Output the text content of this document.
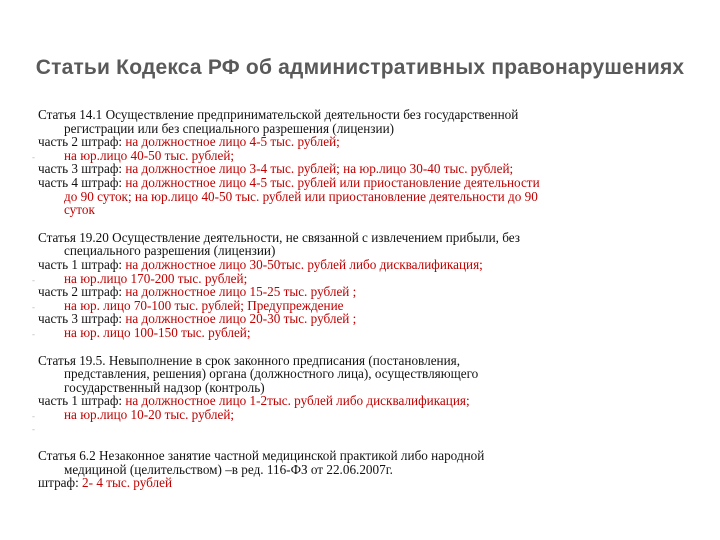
Статьи Кодекса РФ об административных правонарушениях
Статья 14.1 Осуществление предпринимательской деятельности без государственной
регистрации или без специального разрешения (лицензии)
часть 2 штраф: на должностное лицо 4-5 тыс. рублей;
- на юр.лицо 40-50 тыс. рублей;
часть 3 штраф: на должностное лицо 3-4 тыс. рублей; на юр.лицо 30-40 тыс. рублей;
часть 4 штраф: на должностное лицо 4-5 тыс. рублей или приостановление деятельности
до 90 суток; на юр.лицо 40-50 тыс. рублей или приостановление деятельности до 90
суток
Статья 19.20 Осуществление деятельности, не связанной с извлечением прибыли, без
специального разрешения (лицензии)
часть 1 штраф: на должностное лицо 30-50тыс. рублей либо дисквалификация;
- на юр.лицо 170-200 тыс. рублей;
часть 2 штраф: на должностное лицо 15-25 тыс. рублей ;
- на юр. лицо 70-100 тыс. рублей; Предупреждение
часть 3 штраф: на должностное лицо 20-30 тыс. рублей ;
- на юр. лицо 100-150 тыс. рублей;
Статья 19.5. Невыполнение в срок законного предписания (постановления,
представления, решения) органа (должностного лица), осуществляющего
государственный надзор (контроль)
часть 1 штраф: на должностное лицо 1-2тыс. рублей либо дисквалификация;
- на юр.лицо 10-20 тыс. рублей;
-
Статья 6.2 Незаконное занятие частной медицинской практикой либо народной
медициной (целительством) –в ред. 116-ФЗ от 22.06.2007г.
штраф: 2- 4 тыс. рублей
